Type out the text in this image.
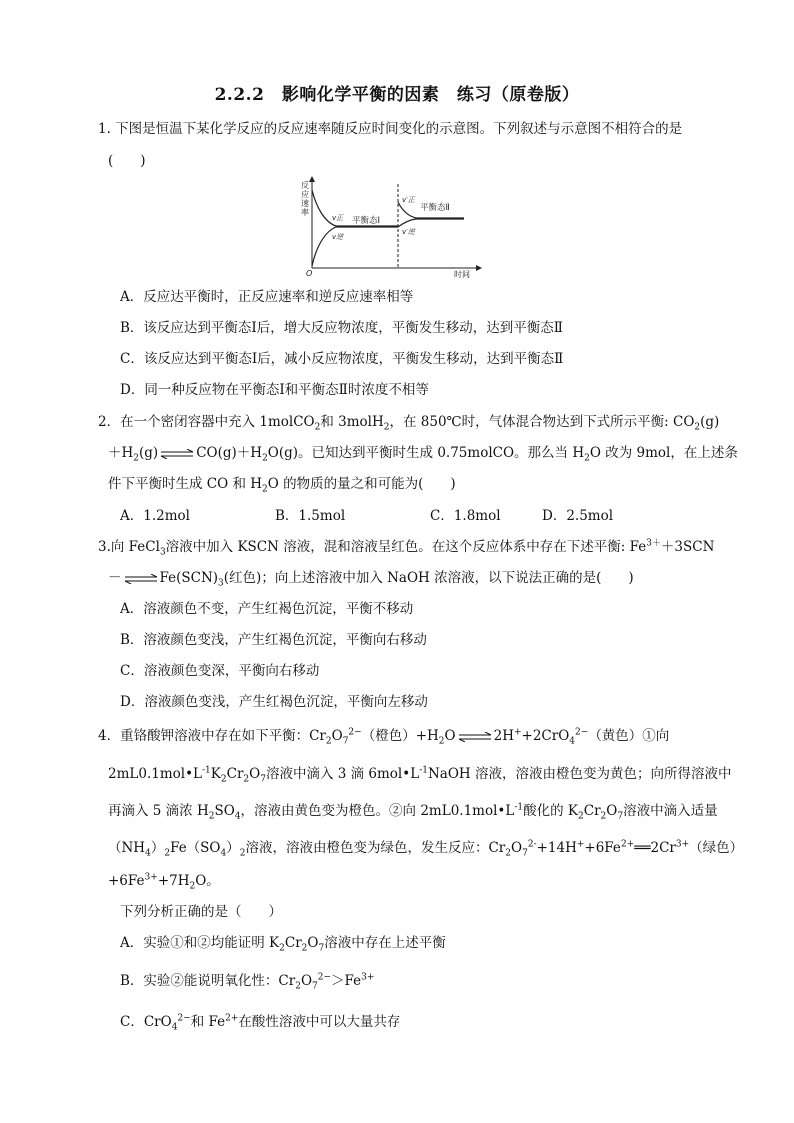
2.2.2　影响化学平衡的因素　练习（原卷版）
1. 下图是恒温下某化学反应的反应速率随反应时间变化的示意图。下列叙述与示意图不相符合的是
(　　)
反
应
速
率
O	时间
v正
v逆
平衡态Ⅰ
v′正
v′逆
平衡态Ⅱ
A．反应达平衡时，正反应速率和逆反应速率相等
B．该反应达到平衡态Ⅰ后，增大反应物浓度，平衡发生移动，达到平衡态Ⅱ
C．该反应达到平衡态Ⅰ后，减小反应物浓度，平衡发生移动，达到平衡态Ⅱ
D．同一种反应物在平衡态Ⅰ和平衡态Ⅱ时浓度不相等
2．在一个密闭容器中充入 1molCO$_2$和 3molH$_2$，在 850℃时，气体混合物达到下式所示平衡: $CO_2(g)$
$+H_2(g)\rightleftharpoons CO(g)+H_2O(g)$。已知达到平衡时生成 0.75molCO。那么当 $H_2O$ 改为 9mol，在上述条
件下平衡时生成 CO 和 $H_2O$ 的物质的量之和可能为(　　)
A．1.2mol	B．1.5mol	C．1.8mol	D．2.5mol
3.向 FeCl$_3$溶液中加入 KSCN 溶液，混和溶液呈红色。在这个反应体系中存在下述平衡: $Fe^{3+}+3SCN$
$-\rightleftharpoons Fe(SCN)_3$(红色)；向上述溶液中加入 NaOH 浓溶液，以下说法正确的是(　　)
A．溶液颜色不变，产生红褐色沉淀，平衡不移动
B．溶液颜色变浅，产生红褐色沉淀，平衡向右移动
C．溶液颜色变深，平衡向右移动
D．溶液颜色变浅，产生红褐色沉淀，平衡向左移动
4．重铬酸钾溶液中存在如下平衡：$Cr_2O_7^{2-}$（橙色）$+H_2O\rightleftharpoons 2H^++2CrO_4^{2-}$（黄色）①向
$2mL0.1mol•L^{-1}K_2Cr_2O_7$溶液中滴入 3 滴 $6mol•L^{-1}NaOH$ 溶液，溶液由橙色变为黄色；向所得溶液中
再滴入 5 滴浓 $H_2SO_4$，溶液由黄色变为橙色。②向 $2mL0.1mol•L^{-1}$酸化的 $K_2Cr_2O_7$溶液中滴入适量
$(NH_4)_2Fe(SO_4)_2$溶液，溶液由橙色变为绿色，发生反应：$Cr_2O_7^{2-}+14H^++6Fe^{2+}══2Cr^{3+}$（绿色）
$+6Fe^{3+}+7H_2O$。
下列分析正确的是（　　）
A．实验①和②均能证明 $K_2Cr_2O_7$溶液中存在上述平衡
B．实验②能说明氧化性：$Cr_2O_7^{2-}>Fe^{3+}$
C．CrO$_4^{2-}$和 $Fe^{2+}$在酸性溶液中可以大量共存
